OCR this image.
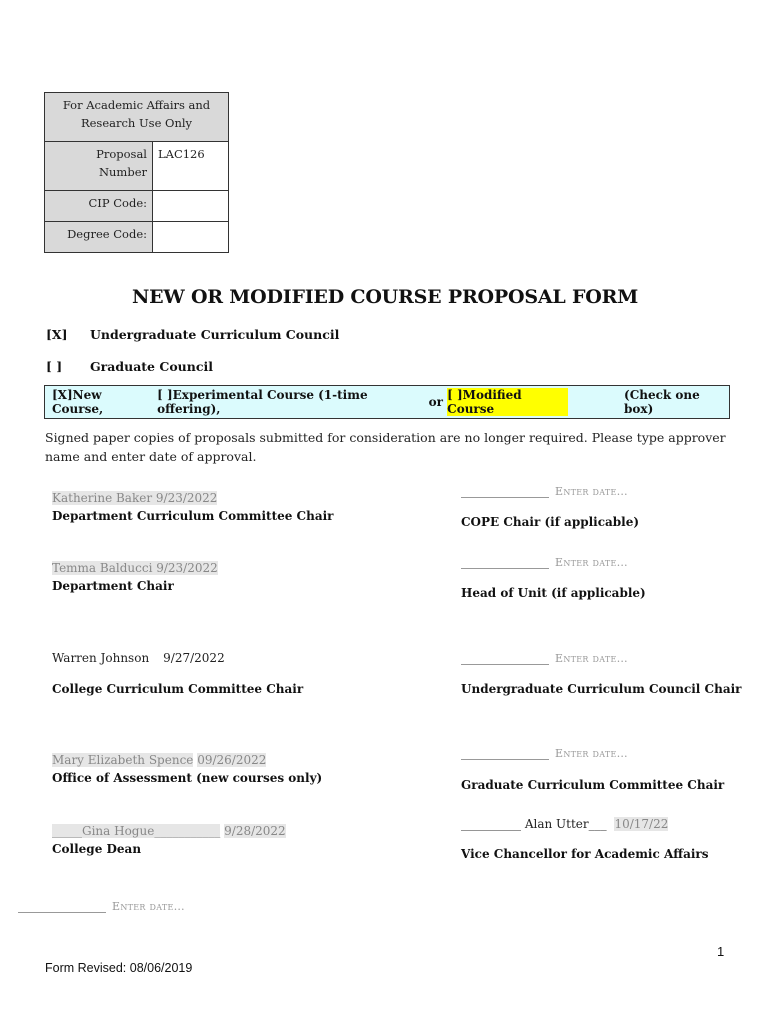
For Academic Affairs and Research Use Only	
Proposal Number	LAC126
CIP Code:	
Degree Code:	
NEW OR MODIFIED COURSE PROPOSAL FORM
[X] Undergraduate Curriculum Council
[ ] Graduate Council
[X]New Course,

[ ]Experimental Course (1-time offering),
	or
[ ]Modified Course
(Check one box)
Signed paper copies of proposals submitted for consideration are no longer required. Please type approver name and enter date of approval.
Katherine Baker 9/23/2022
Department Curriculum Committee Chair
Temma Balducci 9/23/2022
Department Chair
Warren Johnson 9/27/2022
College Curriculum Committee Chair
Mary Elizabeth Spence 09/26/2022
Office of Assessment (new courses only)
_____Gina Hogue___________ 9/28/2022
College Dean
Enter date…
COPE Chair (if applicable)
Enter date…
Head of Unit (if applicable)
Enter date…
Undergraduate Curriculum Council Chair
Enter date…
Graduate Curriculum Committee Chair
__________ Alan Utter___ 10/17/22
Vice Chancellor for Academic Affairs
Enter date…
1
Form Revised: 08/06/2019
